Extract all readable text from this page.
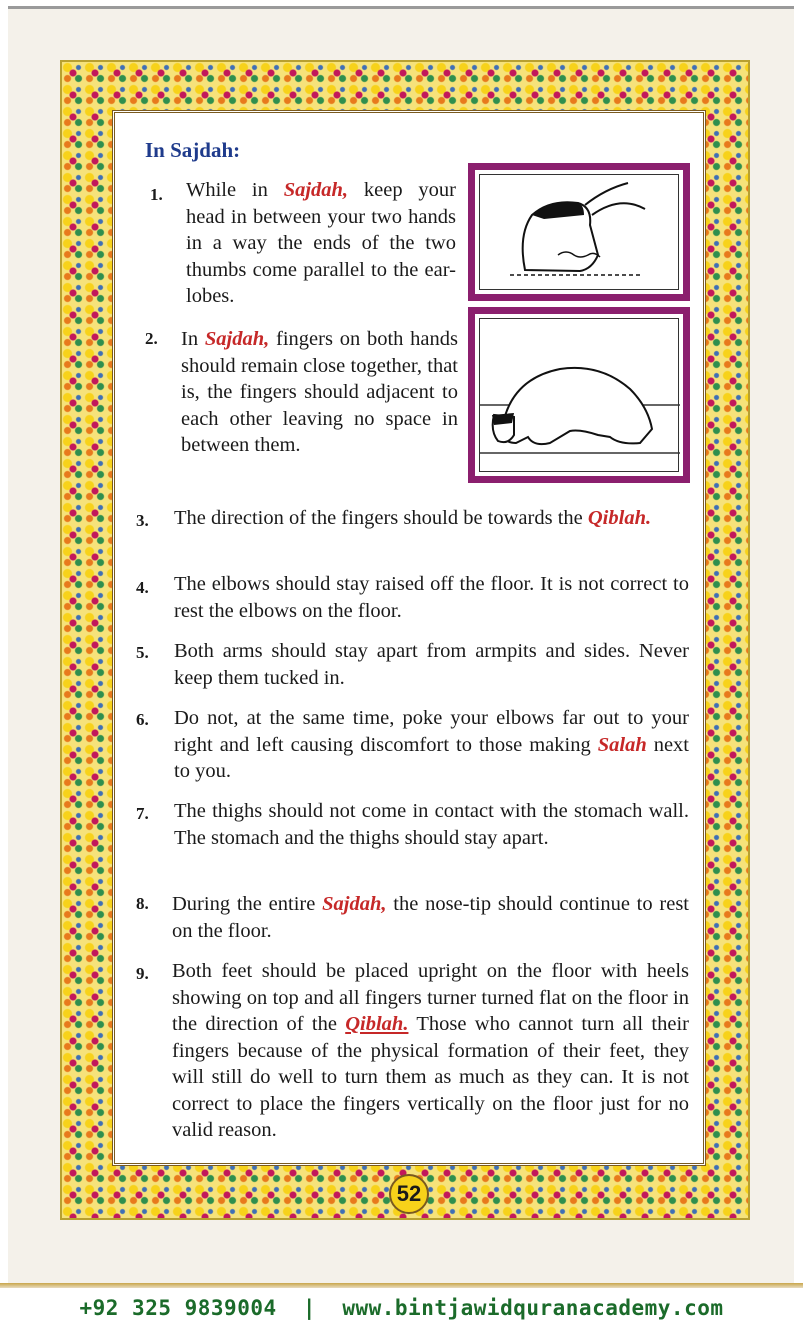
In Sajdah:
1. While in Sajdah, keep your head in between your two hands in a way the ends of the two thumbs come parallel to the ear-lobes.
2. In Sajdah, fingers on both hands should remain close together, that is, the fingers should adjacent to each other leaving no space in between them.
3. The direction of the fingers should be towards the Qiblah.
4. The elbows should stay raised off the floor. It is not correct to rest the elbows on the floor.
5. Both arms should stay apart from armpits and sides. Never keep them tucked in.
6. Do not, at the same time, poke your elbows far out to your right and left causing discomfort to those making Salah next to you.
7. The thighs should not come in contact with the stomach wall. The stomach and the thighs should stay apart.
8. During the entire Sajdah, the nose-tip should continue to rest on the floor.
9. Both feet should be placed upright on the floor with heels showing on top and all fingers turner turned flat on the floor in the direction of the Qiblah. Those who cannot turn all their fingers because of the physical formation of their feet, they will still do well to turn them as much as they can. It is not correct to place the fingers vertically on the floor just for no valid reason.
52
+92 325 9839004  |  www.bintjawidquranacademy.com
